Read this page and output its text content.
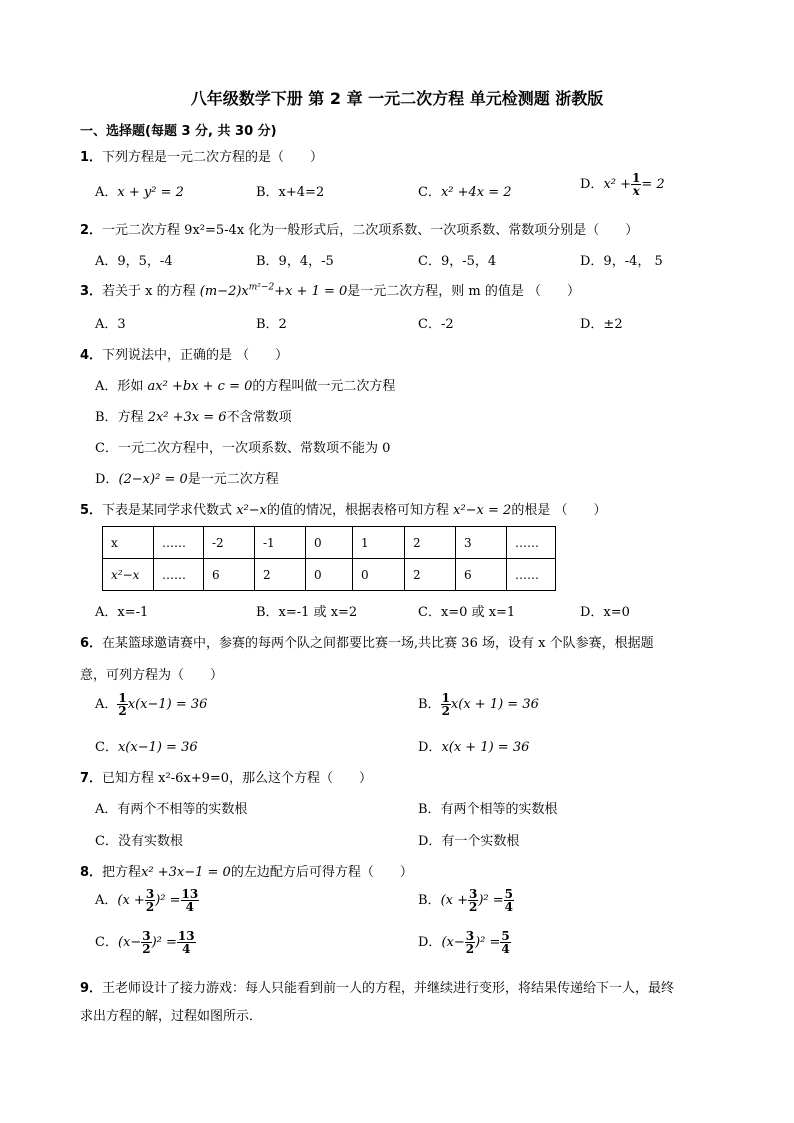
八年级数学下册 第 2 章 一元二次方程 单元检测题 浙教版
一、选择题(每题 3 分, 共 30 分)
1．下列方程是一元二次方程的是（　　）
A．x + y² = 2	B．x+4=2	C．x² +4x = 2
D．$x^2 + \frac{1}{x} = 2$
2．一元二次方程 9x²=5-4x 化为一般形式后，二次项系数、一次项系数、常数项分别是（　　）
A．9，5，-4	B．9，4，-5	C．9，-5，4	D．9，-4， 5
3．若关于 x 的方程 $(m-2)x^{m^2-2}+x + 1 = 0$是一元二次方程，则 m 的值是 （　　）
A．3	B．2	C．-2	D．±2
4．下列说法中，正确的是 （　　）
A．形如 ax² +bx + c = 0的方程叫做一元二次方程
B．方程 2x² +3x = 6不含常数项
C．一元二次方程中，一次项系数、常数项不能为 0
D．(2−x)² = 0是一元二次方程
5．下表是某同学求代数式 x²−x的值的情况，根据表格可知方程 x²−x = 2的根是 （　　）
x	……	-2	-1	0	1	2	3	……
x²−x	……	6	2	0	0	2	6	……
A．x=-1	B．x=-1 或 x=2	C．x=0 或 x=1	D．x=0
6．在某篮球邀请赛中，参赛的每两个队之间都要比赛一场,共比赛 36 场，设有 x 个队参赛，根据题
意，可列方程为（　　）
A． $\frac{1}{2} x(x-1) = 36$	B． $\frac{1}{2} x(x + 1) = 36$
C．x(x−1) = 36	D．x(x + 1) = 36
7．已知方程 x²-6x+9=0，那么这个方程（　　）
A．有两个不相等的实数根	B．有两个相等的实数根
C．没有实数根	D．有一个实数根
8．把方程x² +3x−1 = 0的左边配方后可得方程（　　）
A．$(x + \frac{3}{2} )^2 = \frac{13}{4}$	B．$(x + \frac{3}{2} )^2 = \frac{5}{4}$
C．$(x- \frac{3}{2} )^2 = \frac{13}{4}$	D．$(x- \frac{3}{2} )^2 = \frac{5}{4}$
9．王老师设计了接力游戏：每人只能看到前一人的方程，并继续进行变形，将结果传递给下一人，最终
求出方程的解，过程如图所示．
